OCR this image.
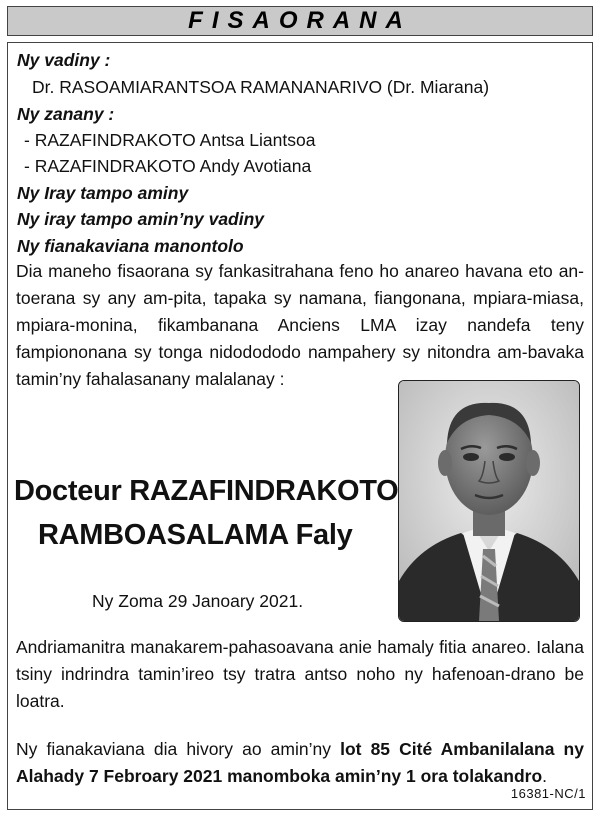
FISAORANA
Ny vadiny :
Dr. RASOAMIARANTSOA RAMANANARIVO (Dr. Miarana)
Ny zanany :
- RAZAFINDRAKOTO Antsa Liantsoa
- RAZAFINDRAKOTO Andy Avotiana
Ny Iray tampo aminy
Ny iray tampo amin’ny vadiny
Ny fianakaviana manontolo
Dia maneho fisaorana sy fankasitrahana feno ho anareo havana eto an-toerana sy any am-pita, tapaka sy namana, fiangonana, mpiara-miasa, mpiara-monina, fikambanana Anciens LMA izay nandefa teny fampiononana sy tonga nidodododo nampahery sy nitondra am-bavaka tamin’ny fahalasanany malalanay :
Docteur RAZAFINDRAKOTO
RAMBOASALAMA Faly
Ny Zoma 29 Janoary 2021.
Andriamanitra manakarem-pahasoavana anie hamaly fitia anareo. Ialana tsiny indrindra tamin’ireo tsy tratra antso noho ny hafenoan-drano be loatra.
Ny fianakaviana dia hivory ao amin’ny lot 85 Cité Ambanilalana ny Alahady 7 Febroary 2021 manomboka amin’ny 1 ora tolakandro.
16381-NC/1
